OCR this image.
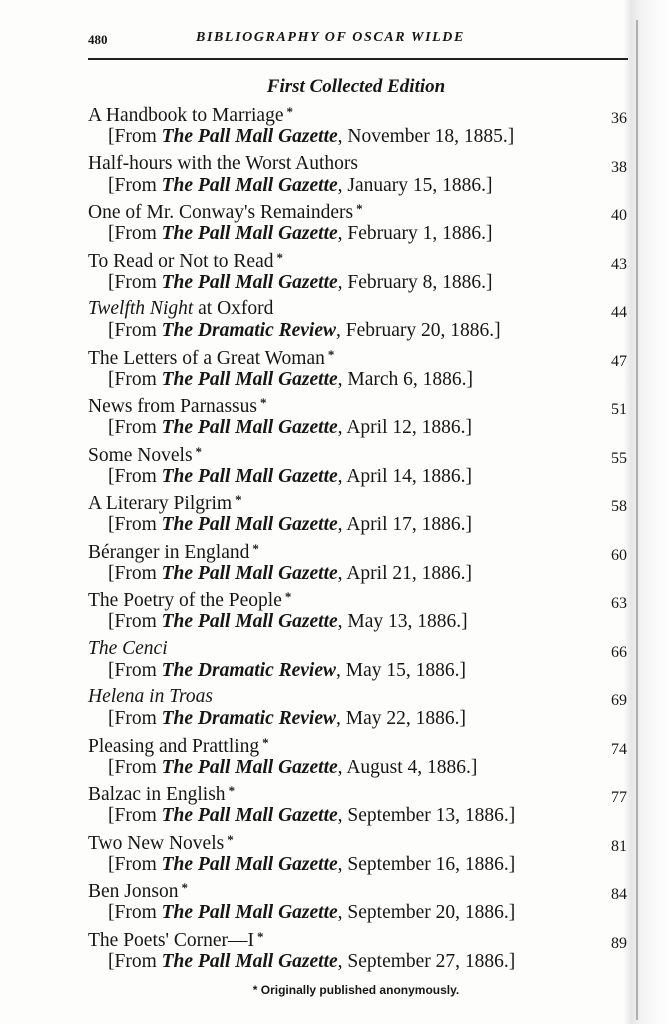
480	BIBLIOGRAPHY OF OSCAR WILDE
First Collected Edition
A Handbook to Marriage *
[From The Pall Mall Gazette, November 18, 1885.]
36
Half-hours with the Worst Authors
[From The Pall Mall Gazette, January 15, 1886.]
38
One of Mr. Conway's Remainders *
[From The Pall Mall Gazette, February 1, 1886.]
40
To Read or Not to Read *
[From The Pall Mall Gazette, February 8, 1886.]
43
Twelfth Night at Oxford
[From The Dramatic Review, February 20, 1886.]
44
The Letters of a Great Woman *
[From The Pall Mall Gazette, March 6, 1886.]
47
News from Parnassus *
[From The Pall Mall Gazette, April 12, 1886.]
51
Some Novels *
[From The Pall Mall Gazette, April 14, 1886.]
55
A Literary Pilgrim *
[From The Pall Mall Gazette, April 17, 1886.]
58
Béranger in England *
[From The Pall Mall Gazette, April 21, 1886.]
60
The Poetry of the People *
[From The Pall Mall Gazette, May 13, 1886.]
63
The Cenci
[From The Dramatic Review, May 15, 1886.]
66
Helena in Troas
[From The Dramatic Review, May 22, 1886.]
69
Pleasing and Prattling *
[From The Pall Mall Gazette, August 4, 1886.]
74
Balzac in English *
[From The Pall Mall Gazette, September 13, 1886.]
77
Two New Novels *
[From The Pall Mall Gazette, September 16, 1886.]
81
Ben Jonson *
[From The Pall Mall Gazette, September 20, 1886.]
84
The Poets' Corner—I *
[From The Pall Mall Gazette, September 27, 1886.]
89
* Originally published anonymously.
